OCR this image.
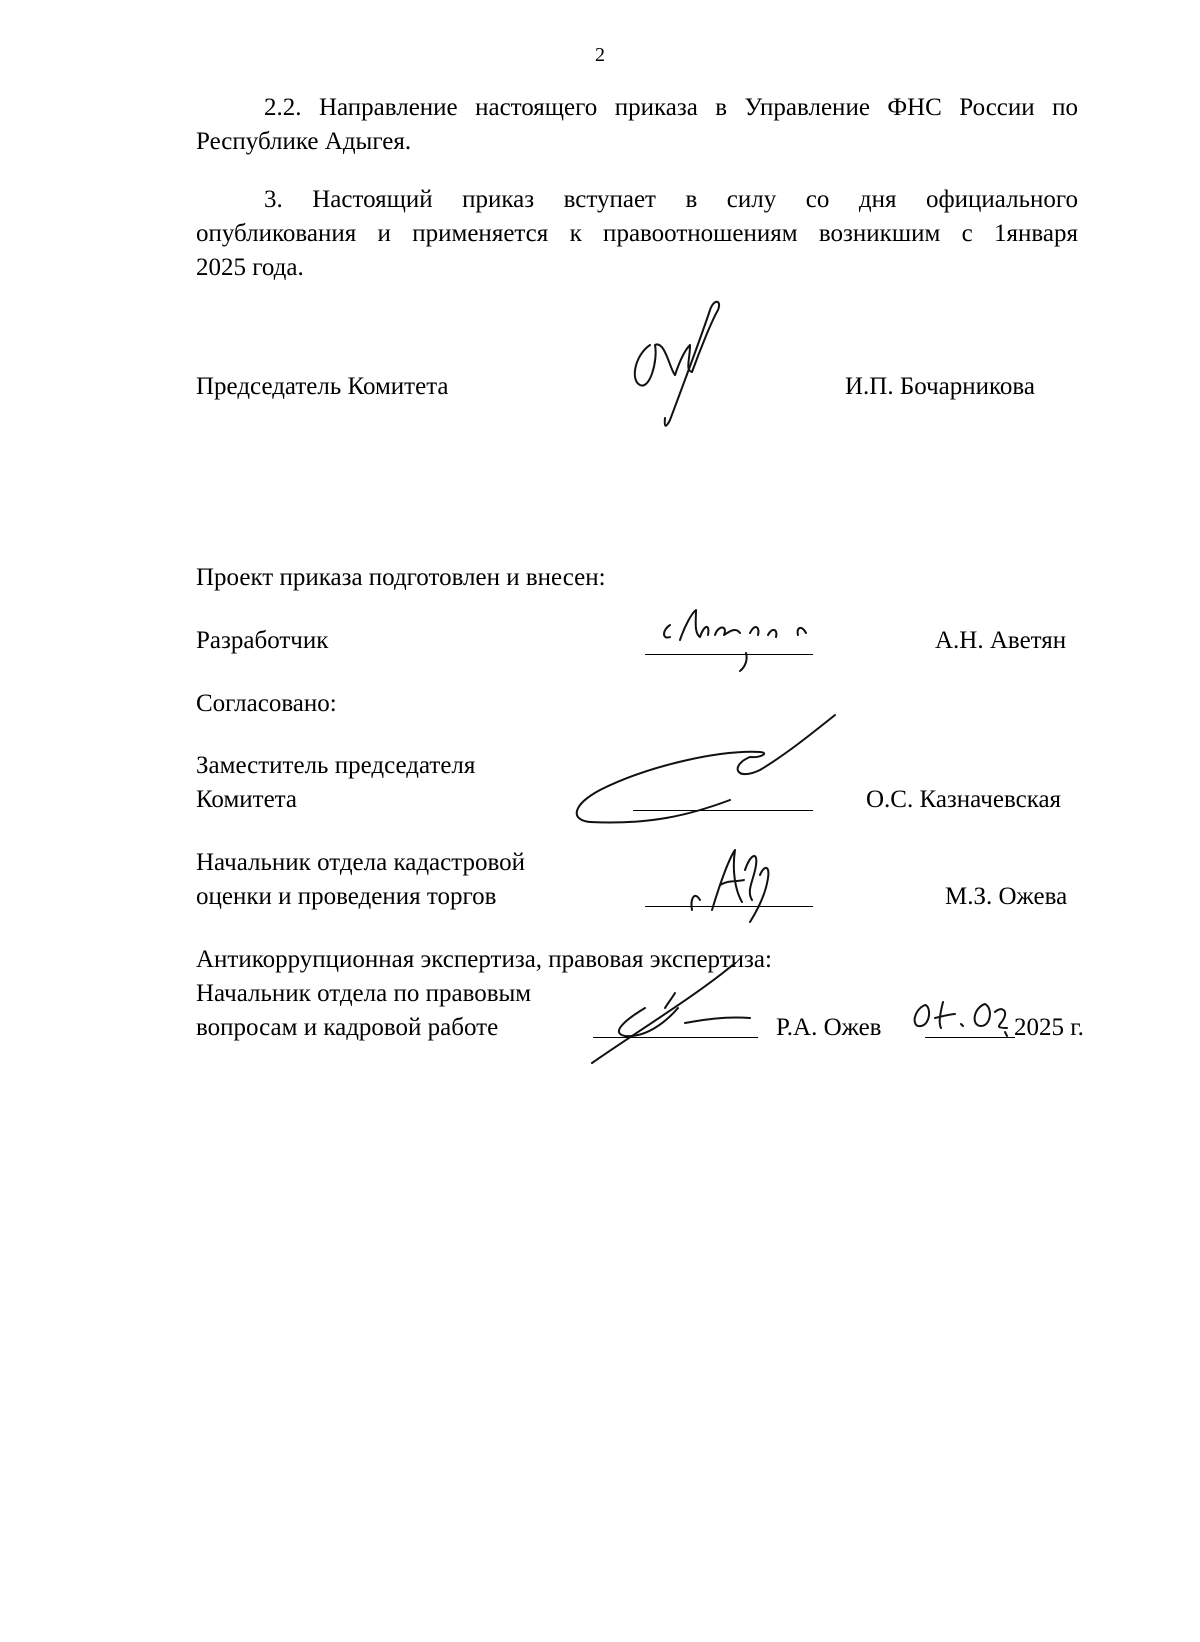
2
2.2. Направление настоящего приказа в Управление ФНС России по
Республике Адыгея.
3. Настоящий приказ вступает в силу со дня официального
опубликования и применяется к правоотношениям возникшим с 1января
2025 года.
Председатель Комитета	И.П. Бочарникова
Проект приказа подготовлен и внесен:
Разработчик	А.Н. Аветян
Согласовано:
Заместитель председателя
Комитета	О.С. Казначевская
Начальник отдела кадастровой
оценки и проведения торгов	М.З. Ожева
Антикоррупционная экспертиза, правовая экспертиза:
Начальник отдела по правовым
вопросам и кадровой работе	Р.А. Ожев	2025 г.
